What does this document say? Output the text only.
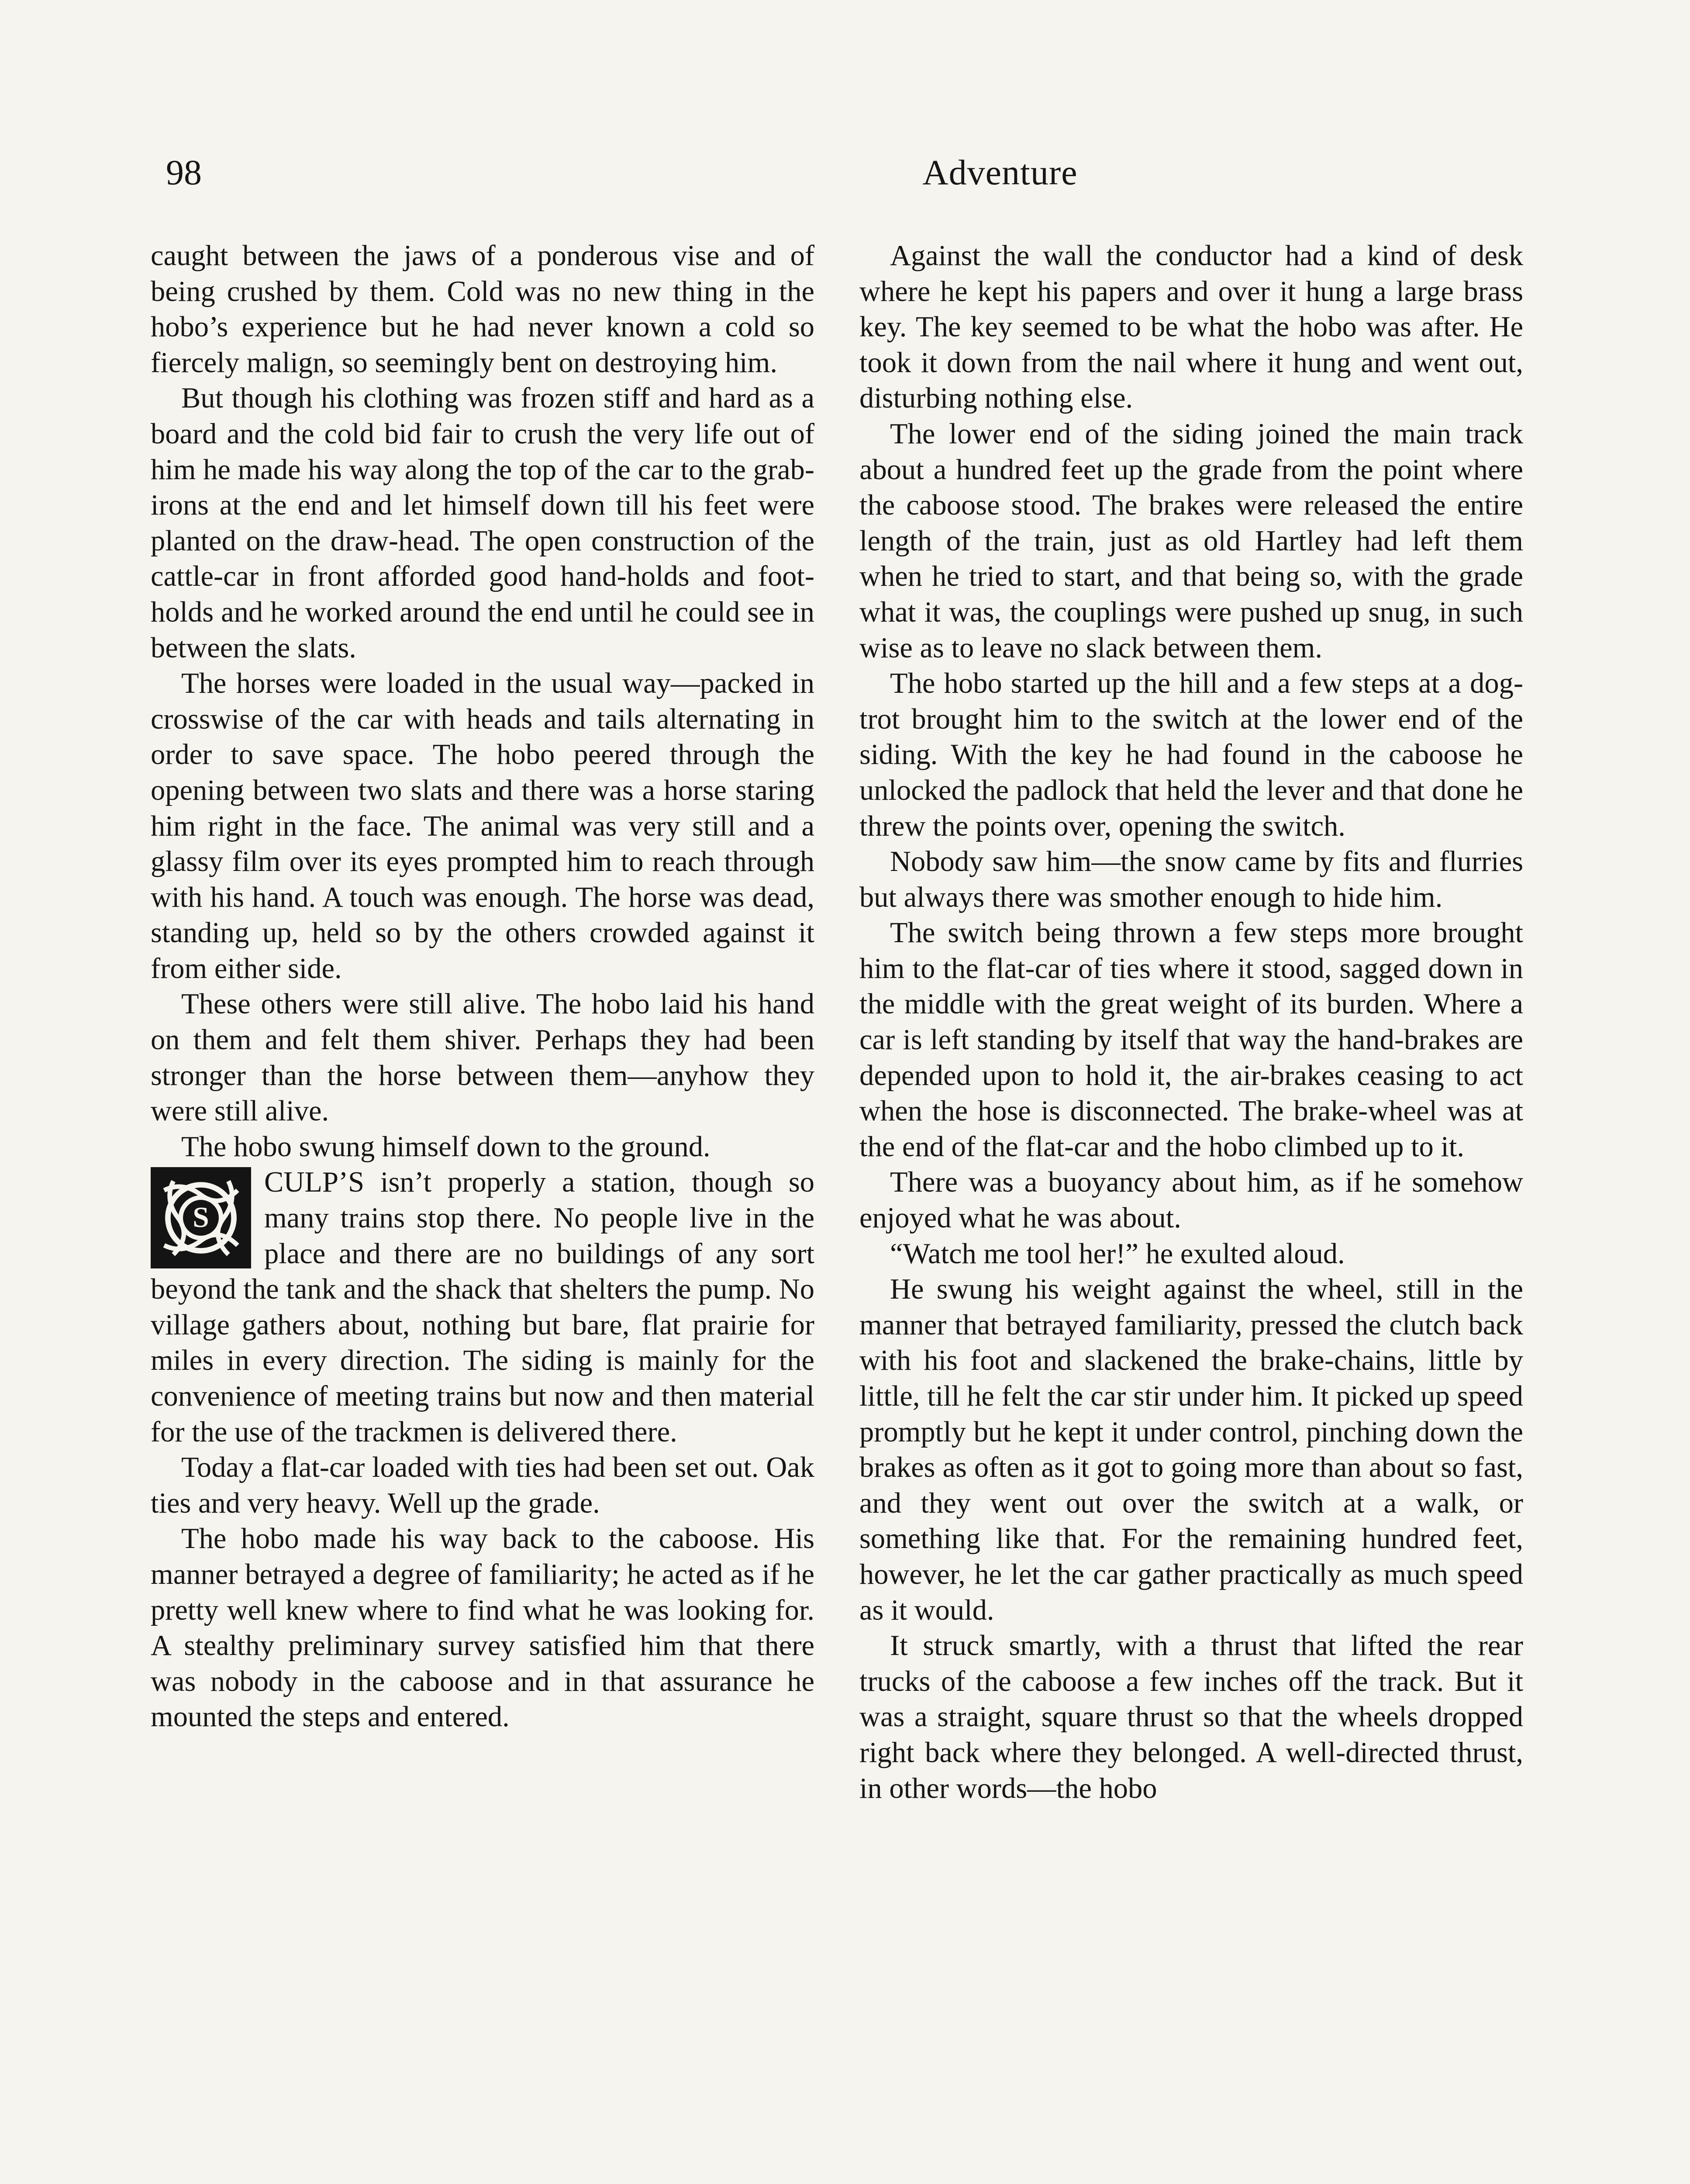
98	Adventure

caught between the jaws of a ponderous vise and of being crushed by them. Cold was no new thing in the hobo’s experience but he had never known a cold so fiercely malign, so seemingly bent on destroying him.

But though his clothing was frozen stiff and hard as a board and the cold bid fair to crush the very life out of him he made his way along the top of the car to the grab-irons at the end and let himself down till his feet were planted on the draw-head. The open construction of the cattle-car in front afforded good hand-holds and foot-holds and he worked around the end until he could see in between the slats.

The horses were loaded in the usual way—packed in crosswise of the car with heads and tails alternating in order to save space. The hobo peered through the opening between two slats and there was a horse staring him right in the face. The animal was very still and a glassy film over its eyes prompted him to reach through with his hand. A touch was enough. The horse was dead, standing up, held so by the others crowded against it from either side.

These others were still alive. The hobo laid his hand on them and felt them shiver. Perhaps they had been stronger than the horse between them—anyhow they were still alive.

The hobo swung himself down to the ground.

S
CULP’S isn’t properly a station, though so many trains stop there. No people live in the place and there are no buildings of any sort beyond the tank and the shack that shelters the pump. No village gathers about, nothing but bare, flat prairie for miles in every direction. The siding is mainly for the convenience of meeting trains but now and then material for the use of the trackmen is delivered there.

Today a flat-car loaded with ties had been set out. Oak ties and very heavy. Well up the grade.

The hobo made his way back to the caboose. His manner betrayed a degree of familiarity; he acted as if he pretty well knew where to find what he was looking for. A stealthy preliminary survey satisfied him that there was nobody in the caboose and in that assurance he mounted the steps and entered.

Against the wall the conductor had a kind of desk where he kept his papers and over it hung a large brass key. The key seemed to be what the hobo was after. He took it down from the nail where it hung and went out, disturbing nothing else.

The lower end of the siding joined the main track about a hundred feet up the grade from the point where the caboose stood. The brakes were released the entire length of the train, just as old Hartley had left them when he tried to start, and that being so, with the grade what it was, the couplings were pushed up snug, in such wise as to leave no slack between them.

The hobo started up the hill and a few steps at a dog-trot brought him to the switch at the lower end of the siding. With the key he had found in the caboose he unlocked the padlock that held the lever and that done he threw the points over, opening the switch.

Nobody saw him—the snow came by fits and flurries but always there was smother enough to hide him.

The switch being thrown a few steps more brought him to the flat-car of ties where it stood, sagged down in the middle with the great weight of its burden. Where a car is left standing by itself that way the hand-brakes are depended upon to hold it, the air-brakes ceasing to act when the hose is disconnected. The brake-wheel was at the end of the flat-car and the hobo climbed up to it.

There was a buoyancy about him, as if he somehow enjoyed what he was about.

“Watch me tool her!” he exulted aloud.

He swung his weight against the wheel, still in the manner that betrayed familiarity, pressed the clutch back with his foot and slackened the brake-chains, little by little, till he felt the car stir under him. It picked up speed promptly but he kept it under control, pinching down the brakes as often as it got to going more than about so fast, and they went out over the switch at a walk, or something like that. For the remaining hundred feet, however, he let the car gather practically as much speed as it would.

It struck smartly, with a thrust that lifted the rear trucks of the caboose a few inches off the track. But it was a straight, square thrust so that the wheels dropped right back where they belonged. A well-directed thrust, in other words—the hobo
